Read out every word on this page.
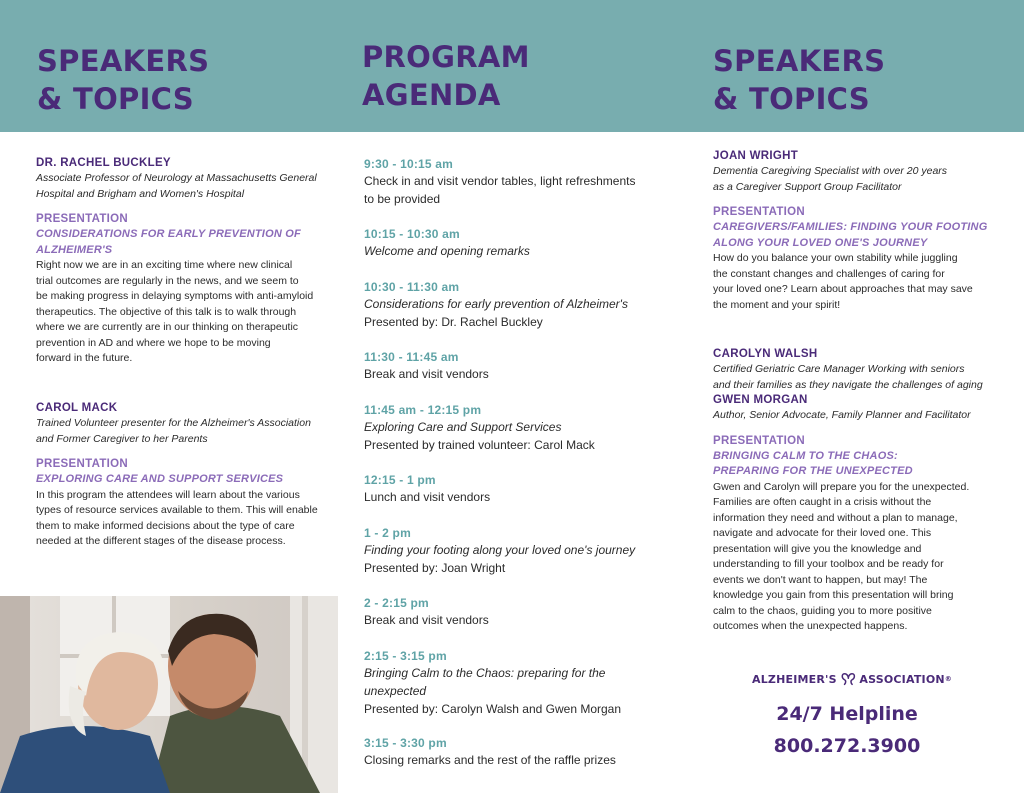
SPEAKERS
& TOPICS
PROGRAM
AGENDA
SPEAKERS
& TOPICS
DR. RACHEL BUCKLEY
Associate Professor of Neurology at Massachusetts General
Hospital and Brigham and Women's Hospital
PRESENTATION
CONSIDERATIONS FOR EARLY PREVENTION OF
ALZHEIMER'S
Right now we are in an exciting time where new clinical
trial outcomes are regularly in the news, and we seem to
be making progress in delaying symptoms with anti-amyloid
therapeutics. The objective of this talk is to walk through
where we are currently are in our thinking on therapeutic
prevention in AD and where we hope to be moving
forward in the future.
CAROL MACK
Trained Volunteer presenter for the Alzheimer's Association
and Former Caregiver to her Parents
PRESENTATION
EXPLORING CARE AND SUPPORT SERVICES
In this program the attendees will learn about the various
types of resource services available to them. This will enable
them to make informed decisions about the type of care
needed at the different stages of the disease process.
9:30 - 10:15 am
Check in and visit vendor tables, light refreshments
to be provided
10:15 - 10:30 am
Welcome and opening remarks
10:30 - 11:30 am
Considerations for early prevention of Alzheimer's
Presented by: Dr. Rachel Buckley
11:30 - 11:45 am
Break and visit vendors
11:45 am - 12:15 pm
Exploring Care and Support Services
Presented by trained volunteer: Carol Mack
12:15 - 1 pm
Lunch and visit vendors
1 - 2 pm
Finding your footing along your loved one's journey
Presented by: Joan Wright
2 - 2:15 pm
Break and visit vendors
2:15 - 3:15 pm
Bringing Calm to the Chaos: preparing for the
unexpected
Presented by: Carolyn Walsh and Gwen Morgan
3:15 - 3:30 pm
Closing remarks and the rest of the raffle prizes
JOAN WRIGHT
Dementia Caregiving Specialist with over 20 years
as a Caregiver Support Group Facilitator
PRESENTATION
CAREGIVERS/FAMILIES: FINDING YOUR FOOTING
ALONG YOUR LOVED ONE'S JOURNEY
How do you balance your own stability while juggling
the constant changes and challenges of caring for
your loved one? Learn about approaches that may save
the moment and your spirit!
CAROLYN WALSH
Certified Geriatric Care Manager Working with seniors
and their families as they navigate the challenges of aging
GWEN MORGAN
Author, Senior Advocate, Family Planner and Facilitator
PRESENTATION
BRINGING CALM TO THE CHAOS:
PREPARING FOR THE UNEXPECTED
Gwen and Carolyn will prepare you for the unexpected.
Families are often caught in a crisis without the
information they need and without a plan to manage,
navigate and advocate for their loved one. This
presentation will give you the knowledge and
understanding to fill your toolbox and be ready for
events we don't want to happen, but may! The
knowledge you gain from this presentation will bring
calm to the chaos, guiding you to more positive
outcomes when the unexpected happens.
ALZHEIMER'S ASSOCIATION ®
24/7 Helpline
800.272.3900
